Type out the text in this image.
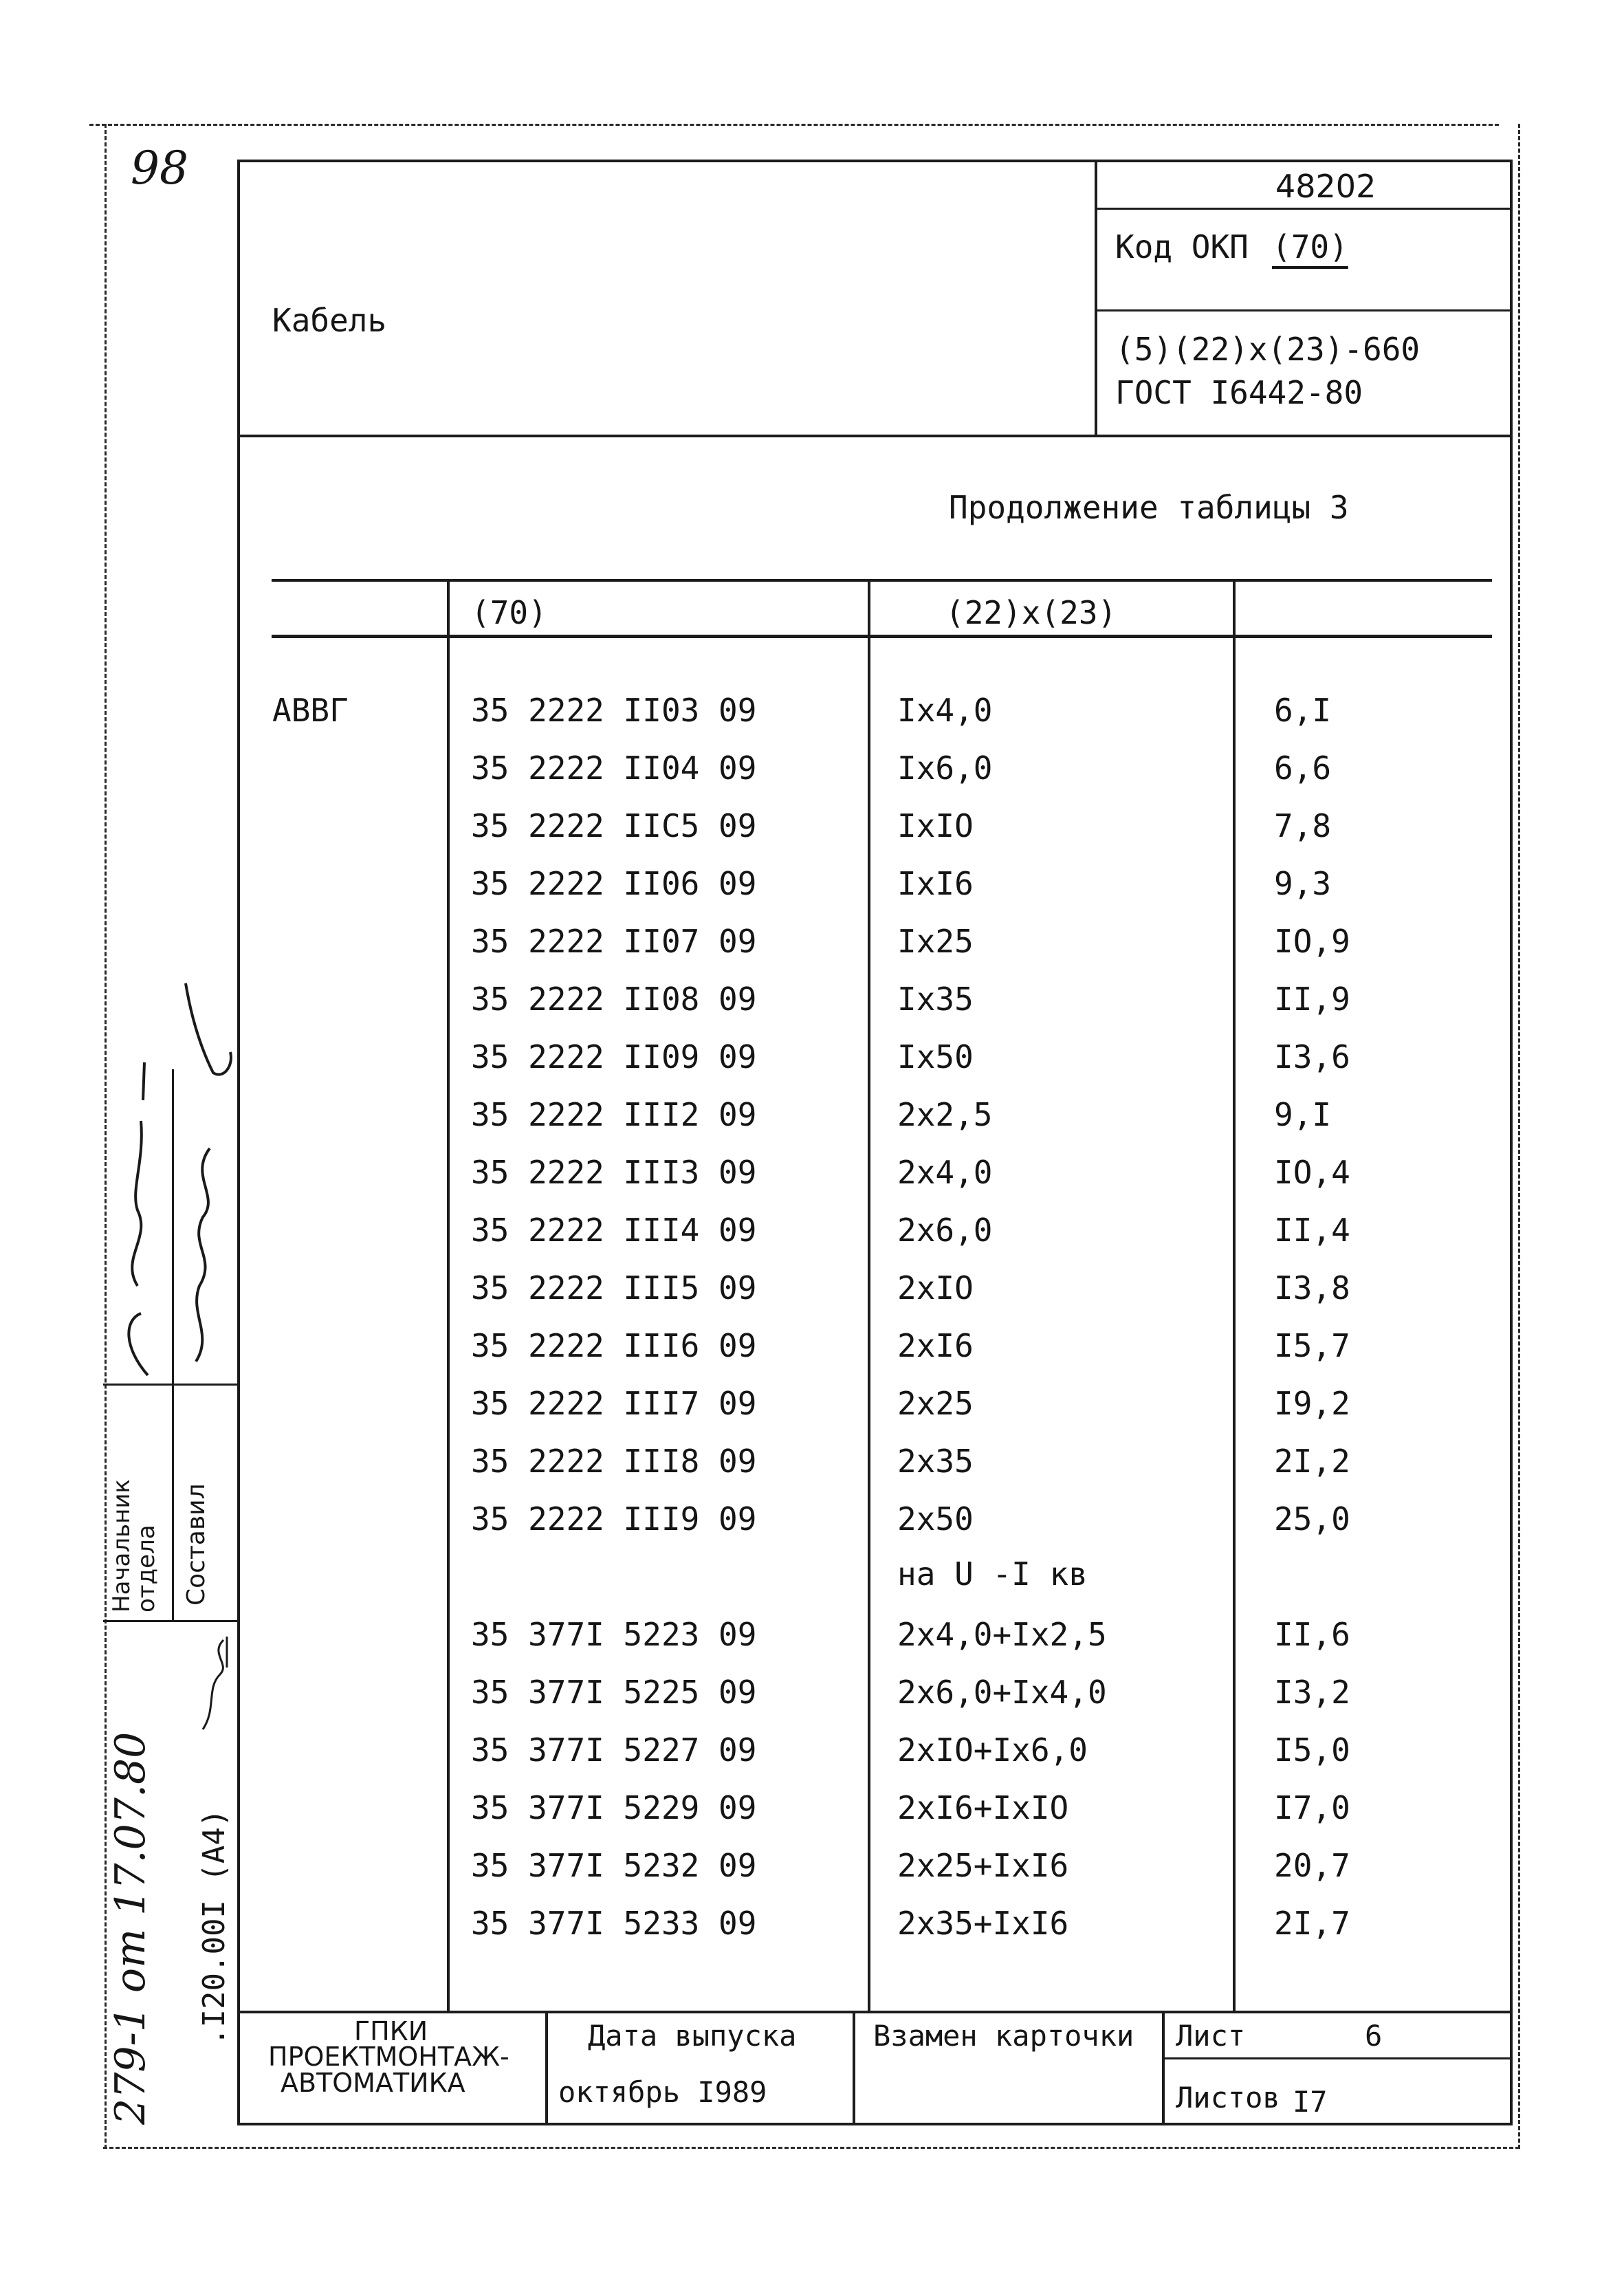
98
Кабель
48202
Код ОКП (70)
(5)(22)x(23)-660
ГОСТ I6442-80
Продолжение таблицы 3
(70)	(22)x(23)
АВВГ	35 2222 II03 09	Ix4,0	6,I
35 2222 II04 09	Ix6,0	6,6
35 2222 IIC5 09	IxIO	7,8
35 2222 II06 09	IxI6	9,3
35 2222 II07 09	Ix25	IO,9
35 2222 II08 09	Ix35	II,9
35 2222 II09 09	Ix50	I3,6
35 2222 III2 09	2x2,5	9,I
35 2222 III3 09	2x4,0	IO,4
35 2222 III4 09	2x6,0	II,4
35 2222 III5 09	2xIO	I3,8
35 2222 III6 09	2xI6	I5,7
35 2222 III7 09	2x25	I9,2
35 2222 III8 09	2x35	2I,2
35 2222 III9 09	2x50	25,0
на U -I кв
35 377I 5223 09	2x4,0+Ix2,5	II,6
35 377I 5225 09	2x6,0+Ix4,0	I3,2
35 377I 5227 09	2xIO+Ix6,0	I5,0
35 377I 5229 09	2xI6+IxIO	I7,0
35 377I 5232 09	2x25+IxI6	20,7
35 377I 5233 09	2x35+IxI6	2I,7
ГПКИ
ПРОЕКТМОНТАЖ-
АВТОМАТИКА
Дата выпуска
октябрь I989
Взамен карточки Лист	6
Листов I7
Начальник отдела Составил
.I20.00I (A4)
279-1 от 17.07.80
